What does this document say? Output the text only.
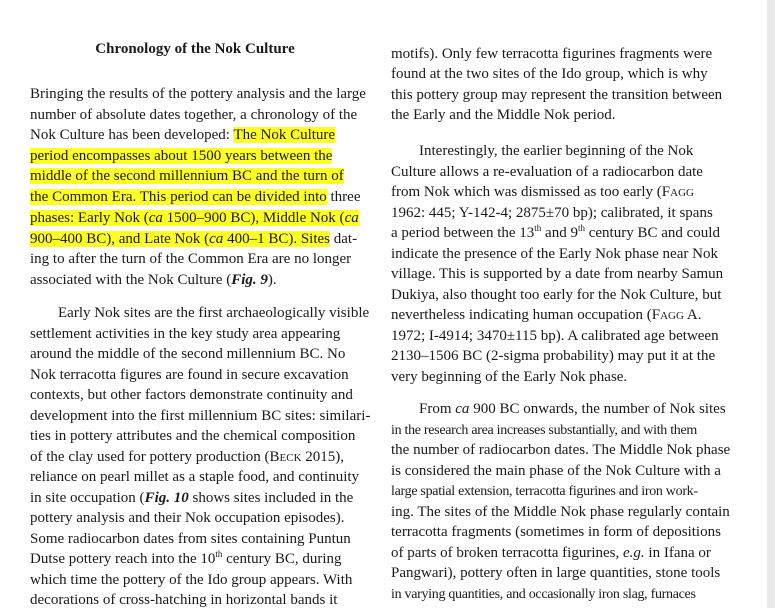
Chronology of the Nok Culture
Bringing the results of the pottery analysis and the large
number of absolute dates together, a chronology of the
Nok Culture has been developed: The Nok Culture
period encompasses about 1500 years between the
middle of the second millennium BC and the turn of
the Common Era. This period can be divided into three
phases: Early Nok (ca 1500–900 BC), Middle Nok (ca
900–400 BC), and Late Nok (ca 400–1 BC). Sites dat-
ing to after the turn of the Common Era are no longer
associated with the Nok Culture (Fig. 9).
Early Nok sites are the first archaeologically visible
settlement activities in the key study area appearing
around the middle of the second millennium BC. No
Nok terracotta figures are found in secure excavation
contexts, but other factors demonstrate continuity and
development into the first millennium BC sites: similari-
ties in pottery attributes and the chemical composition
of the clay used for pottery production (Beck 2015),
reliance on pearl millet as a staple food, and continuity
in site occupation (Fig. 10 shows sites included in the
pottery analysis and their Nok occupation episodes).
Some radiocarbon dates from sites containing Puntun
Dutse pottery reach into the 10th century BC, during
which time the pottery of the Ido group appears. With
decorations of cross-hatching in horizontal bands it
motifs). Only few terracotta figurines fragments were
found at the two sites of the Ido group, which is why
this pottery group may represent the transition between
the Early and the Middle Nok period.
Interestingly, the earlier beginning of the Nok
Culture allows a re-evaluation of a radiocarbon date
from Nok which was dismissed as too early (Fagg
1962: 445; Y-142-4; 2875±70 bp); calibrated, it spans
a period between the 13th and 9th century BC and could
indicate the presence of the Early Nok phase near Nok
village. This is supported by a date from nearby Samun
Dukiya, also thought too early for the Nok Culture, but
nevertheless indicating human occupation (Fagg A.
1972; I-4914; 3470±115 bp). A calibrated age between
2130–1506 BC (2-sigma probability) may put it at the
very beginning of the Early Nok phase.
From ca 900 BC onwards, the number of Nok sites
in the research area increases substantially, and with them
the number of radiocarbon dates. The Middle Nok phase
is considered the main phase of the Nok Culture with a
large spatial extension, terracotta figurines and iron work-
ing. The sites of the Middle Nok phase regularly contain
terracotta fragments (sometimes in form of depositions
of parts of broken terracotta figurines, e.g. in Ifana or
Pangwari), pottery often in large quantities, stone tools
in varying quantities, and occasionally iron slag, furnaces
